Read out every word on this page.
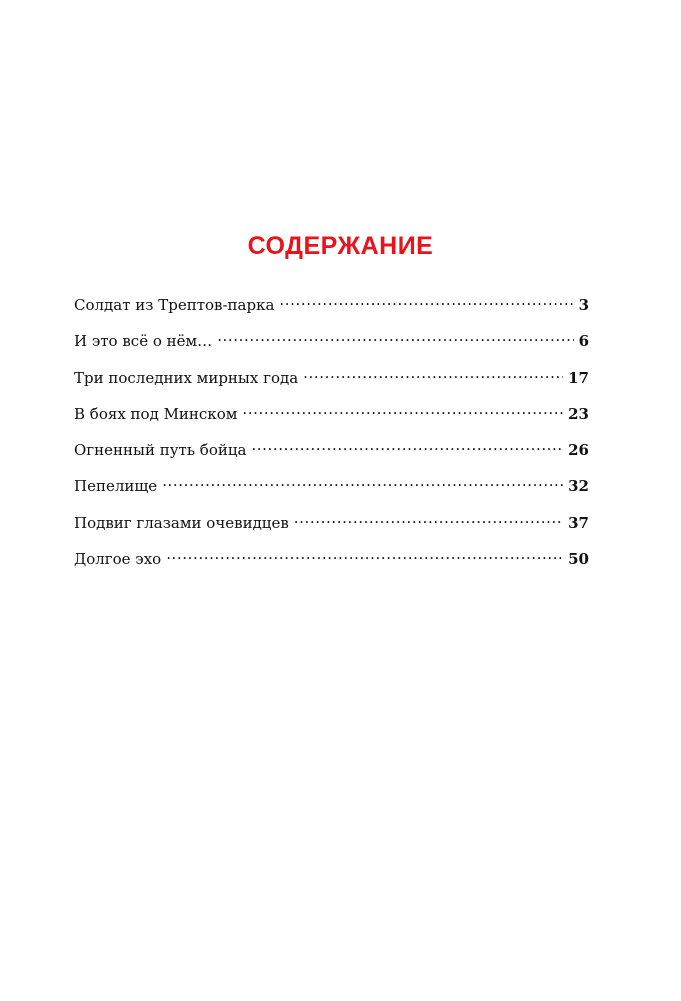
СОДЕРЖАНИЕ
Солдат из Трептов-парка .....	3
И это всё о нём… .....	6
Три последних мирных года .....	17
В боях под Минском .....	23
Огненный путь бойца .....	26
Пепелище .....	32
Подвиг глазами очевидцев .....	37
Долгое эхо .....	50
